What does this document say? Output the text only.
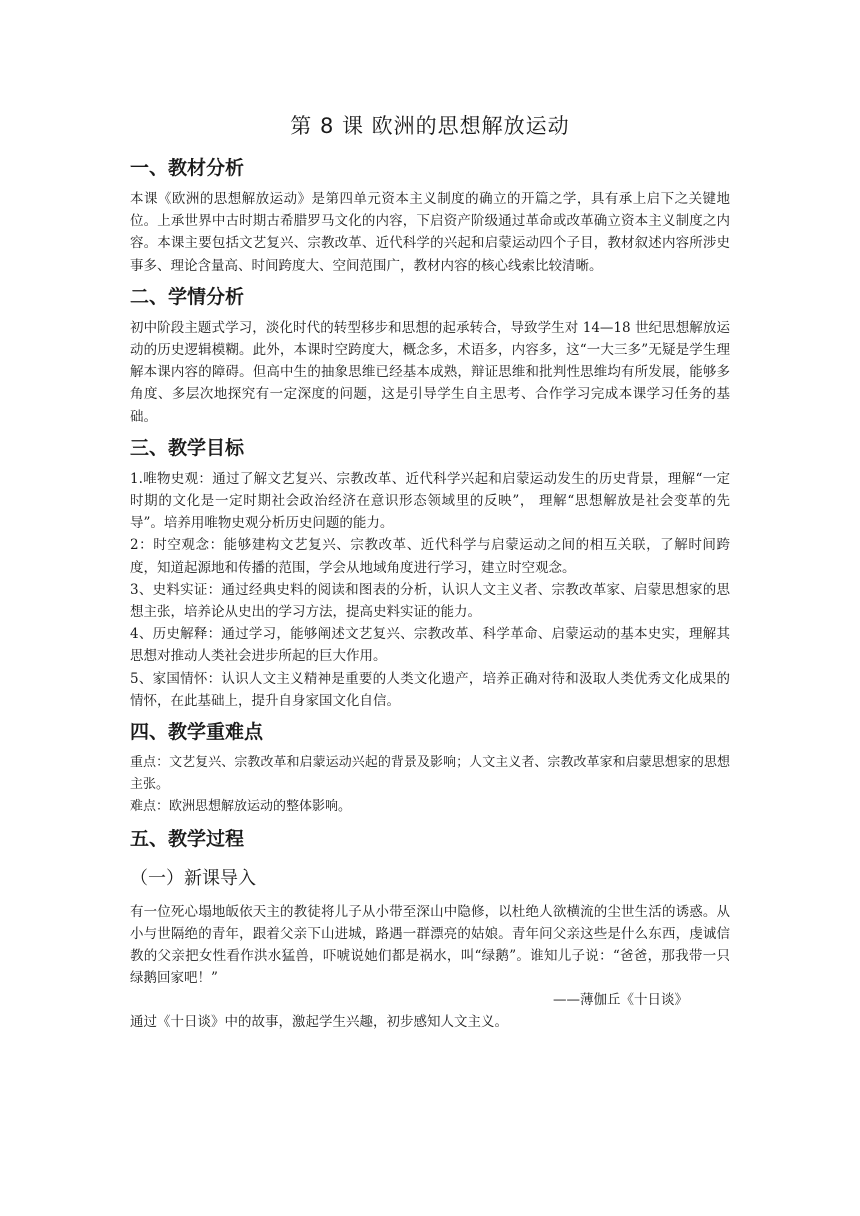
第 8 课 欧洲的思想解放运动
一、教材分析

本课《欧洲的思想解放运动》是第四单元资本主义制度的确立的开篇之学，具有承上启下之关键地位。上承世界中古时期古希腊罗马文化的内容，下启资产阶级通过革命或改革确立资本主义制度之内容。本课主要包括文艺复兴、宗教改革、近代科学的兴起和启蒙运动四个子目，教材叙述内容所涉史事多、理论含量高、时间跨度大、空间范围广，教材内容的核心线索比较清晰。

二、学情分析

初中阶段主题式学习，淡化时代的转型移步和思想的起承转合，导致学生对 14—18 世纪思想解放运动的历史逻辑模糊。此外，本课时空跨度大，概念多，术语多，内容多，这“一大三多”无疑是学生理解本课内容的障碍。但高中生的抽象思维已经基本成熟，辩证思维和批判性思维均有所发展，能够多角度、多层次地探究有一定深度的问题，这是引导学生自主思考、合作学习完成本课学习任务的基础。

三、教学目标

1.唯物史观：通过了解文艺复兴、宗教改革、近代科学兴起和启蒙运动发生的历史背景，理解“一定时期的文化是一定时期社会政治经济在意识形态领域里的反映”， 理解“思想解放是社会变革的先导”。培养用唯物史观分析历史问题的能力。

2：时空观念：能够建构文艺复兴、宗教改革、近代科学与启蒙运动之间的相互关联，了解时间跨度，知道起源地和传播的范围，学会从地域角度进行学习，建立时空观念。

3、史料实证：通过经典史料的阅读和图表的分析，认识人文主义者、宗教改革家、启蒙思想家的思想主张，培养论从史出的学习方法，提高史料实证的能力。

4、历史解释：通过学习，能够阐述文艺复兴、宗教改革、科学革命、启蒙运动的基本史实，理解其思想对推动人类社会进步所起的巨大作用。

5、家国情怀：认识人文主义精神是重要的人类文化遗产，培养正确对待和汲取人类优秀文化成果的情怀，在此基础上，提升自身家国文化自信。

四、教学重难点

重点：文艺复兴、宗教改革和启蒙运动兴起的背景及影响；人文主义者、宗教改革家和启蒙思想家的思想主张。

难点：欧洲思想解放运动的整体影响。

五、教学过程
（一）新课导入

有一位死心塌地皈依天主的教徒将儿子从小带至深山中隐修，以杜绝人欲横流的尘世生活的诱惑。从小与世隔绝的青年，跟着父亲下山进城，路遇一群漂亮的姑娘。青年问父亲这些是什么东西，虔诚信教的父亲把女性看作洪水猛兽，吓唬说她们都是祸水，叫“绿鹅”。谁知儿子说：“爸爸，那我带一只绿鹅回家吧！”

——薄伽丘《十日谈》

通过《十日谈》中的故事，激起学生兴趣，初步感知人文主义。
